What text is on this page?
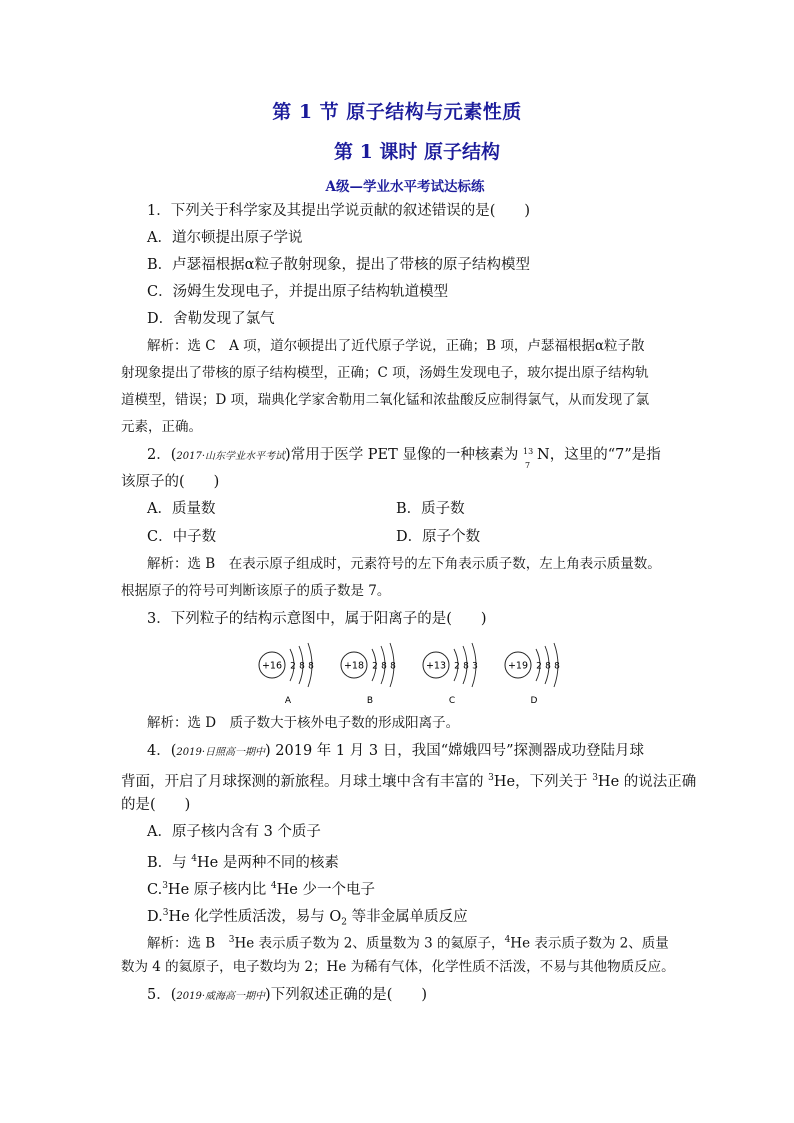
第 1 节 原子结构与元素性质
第 1 课时 原子结构
A级—学业水平考试达标练
1．下列关于科学家及其提出学说贡献的叙述错误的是(　　)
A．道尔顿提出原子学说
B．卢瑟福根据α粒子散射现象，提出了带核的原子结构模型
C．汤姆生发现电子，并提出原子结构轨道模型
D．舍勒发现了氯气
解析：选 C　A 项，道尔顿提出了近代原子学说，正确；B 项，卢瑟福根据α粒子散
射现象提出了带核的原子结构模型，正确；C 项，汤姆生发现电子，玻尔提出原子结构轨
道模型，错误；D 项，瑞典化学家舍勒用二氧化锰和浓盐酸反应制得氯气，从而发现了氯
元素，正确。
2．(2017·山东学业水平考试)常用于医学 PET 显像的一种核素为 13
7
N，这里的“7”是指
该原子的(　　)
A．质量数	B．质子数
C．中子数	D．原子个数
解析：选 B　在表示原子组成时，元素符号的左下角表示质子数，左上角表示质量数。
根据原子的符号可判断该原子的质子数是 7。
3．下列粒子的结构示意图中，属于阳离子的是(　　)
+16 2 8 8
A
+18 2 8 8
B
+13 2 8 3
C
+19 2 8 8
D
解析：选 D　质子数大于核外电子数的形成阳离子。
4．(2019·日照高一期中) 2019 年 1 月 3 日，我国“嫦娥四号”探测器成功登陆月球
背面，开启了月球探测的新旅程。月球土壤中含有丰富的 $^3$He，下列关于 $^3$He 的说法正确
的是(　　)
A．原子核内含有 3 个质子
B．与 $^4$He 是两种不同的核素
C.$^3$He 原子核内比 $^4$He 少一个电子
D.$^3$He 化学性质活泼，易与 $O_2$ 等非金属单质反应
解析：选 B　$^3$He 表示质子数为 2、质量数为 3 的氦原子，$^4$He 表示质子数为 2、质量
数为 4 的氦原子，电子数均为 2；He 为稀有气体，化学性质不活泼，不易与其他物质反应。
5．(2019·威海高一期中)下列叙述正确的是(　　)
